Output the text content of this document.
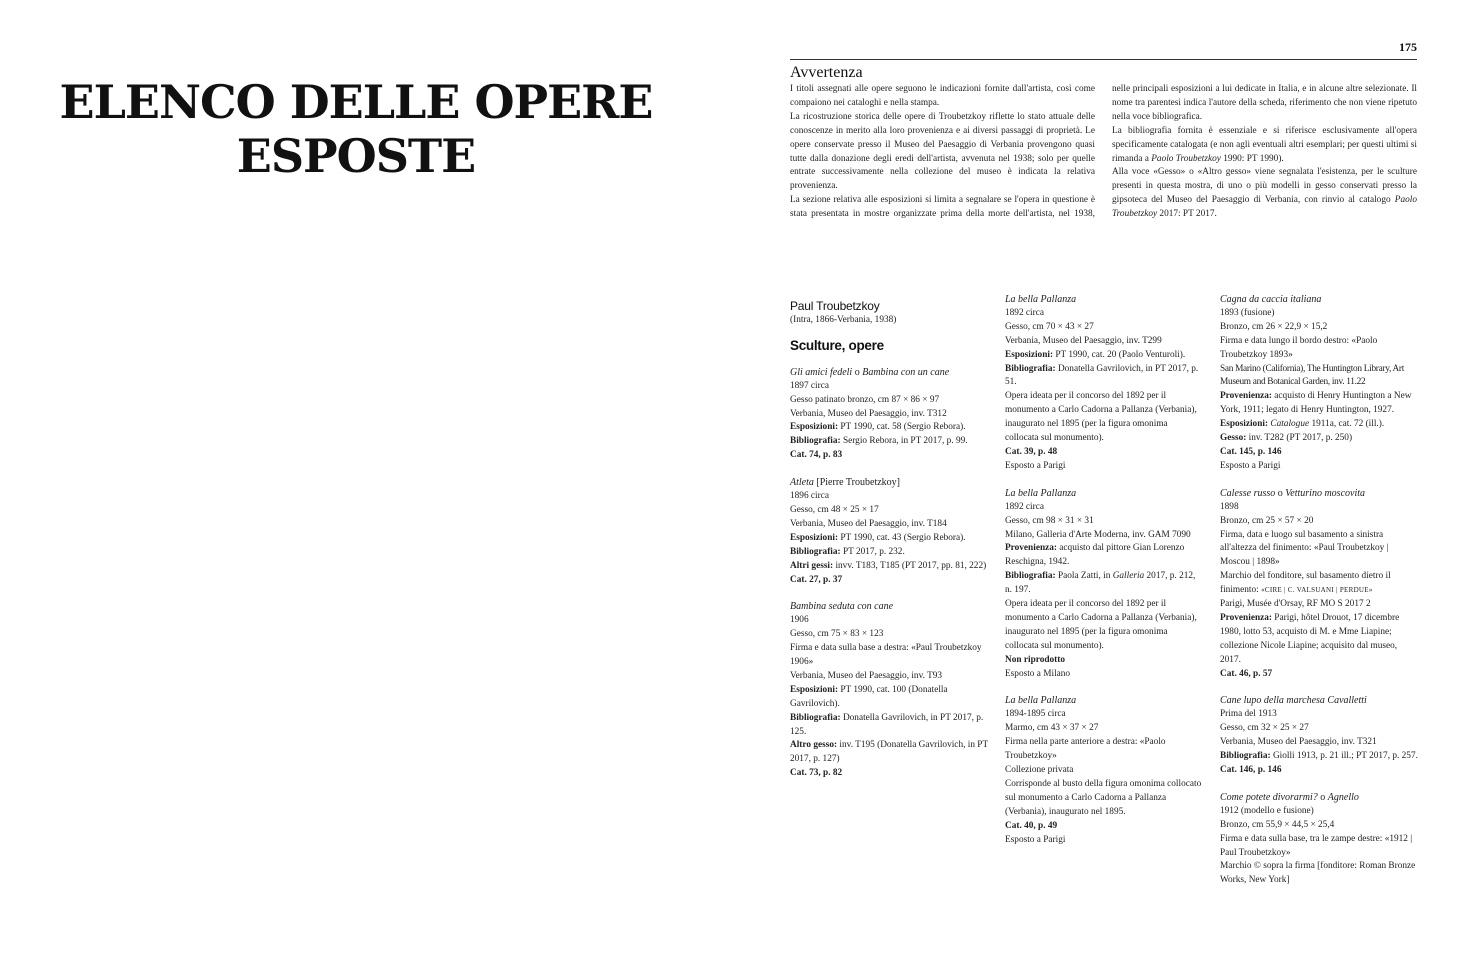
ELENCO DELLE OPERE
ESPOSTE
175
Avvertenza

I titoli assegnati alle opere seguono le indicazioni fornite dall'artista, così come compaiono nei cataloghi e nella stampa.

La ricostruzione storica delle opere di Troubetzkoy riflette lo stato attuale delle conoscenze in merito alla loro provenienza e ai diversi passaggi di proprietà. Le opere conservate presso il Museo del Paesaggio di Verbania provengono quasi tutte dalla donazione degli eredi dell'artista, avvenuta nel 1938; solo per quelle entrate successivamente nella collezione del museo è indicata la relativa provenienza.

La sezione relativa alle esposizioni si limita a segnalare se l'opera in questione è stata presentata in mostre organizzate prima della morte dell'artista, nel 1938, nelle principali esposizioni a lui dedicate in Italia, e in alcune altre selezionate. Il nome tra parentesi indica l'autore della scheda, riferimento che non viene ripetuto nella voce bibliografica.

La bibliografia fornita è essenziale e si riferisce esclusivamente all'opera specificamente catalogata (e non agli eventuali altri esemplari; per questi ultimi si rimanda a Paolo Troubetzkoy 1990: PT 1990).

Alla voce «Gesso» o «Altro gesso» viene segnalata l'esistenza, per le sculture presenti in questa mostra, di uno o più modelli in gesso conservati presso la gipsoteca del Museo del Paesaggio di Verbania, con rinvio al catalogo Paolo Troubetzkoy 2017: PT 2017.

Paul Troubetzkoy
(Intra, 1866-Verbania, 1938)
Sculture, opere
Gli amici fedeli o Bambina con un cane
1897 circa
Gesso patinato bronzo, cm 87 × 86 × 97
Verbania, Museo del Paesaggio, inv. T312
Esposizioni: PT 1990, cat. 58 (Sergio Rebora).
Bibliografia: Sergio Rebora, in PT 2017, p. 99.
Cat. 74, p. 83
Atleta [Pierre Troubetzkoy]
1896 circa
Gesso, cm 48 × 25 × 17
Verbania, Museo del Paesaggio, inv. T184
Esposizioni: PT 1990, cat. 43 (Sergio Rebora).
Bibliografia: PT 2017, p. 232.
Altri gessi: invv. T183, T185 (PT 2017, pp. 81, 222)
Cat. 27, p. 37
Bambina seduta con cane
1906
Gesso, cm 75 × 83 × 123
Firma e data sulla base a destra: «Paul Troubetzkoy 1906»
Verbania, Museo del Paesaggio, inv. T93
Esposizioni: PT 1990, cat. 100 (Donatella Gavrilovich).
Bibliografia: Donatella Gavrilovich, in PT 2017, p. 125.
Altro gesso: inv. T195 (Donatella Gavrilovich, in PT 2017, p. 127)
Cat. 73, p. 82
La bella Pallanza
1892 circa
Gesso, cm 70 × 43 × 27
Verbania, Museo del Paesaggio, inv. T299
Esposizioni: PT 1990, cat. 20 (Paolo Venturoli).
Bibliografia: Donatella Gavrilovich, in PT 2017, p. 51.
Opera ideata per il concorso del 1892 per il monumento a Carlo Cadorna a Pallanza (Verbania), inaugurato nel 1895 (per la figura omonima collocata sul monumento).
Cat. 39, p. 48
Esposto a Parigi
La bella Pallanza
1892 circa
Gesso, cm 98 × 31 × 31
Milano, Galleria d'Arte Moderna, inv. GAM 7090
Provenienza: acquisto dal pittore Gian Lorenzo Reschigna, 1942.
Bibliografia: Paola Zatti, in Galleria 2017, p. 212, n. 197.
Opera ideata per il concorso del 1892 per il monumento a Carlo Cadorna a Pallanza (Verbania), inaugurato nel 1895 (per la figura omonima collocata sul monumento).
Non riprodotto
Esposto a Milano
La bella Pallanza
1894-1895 circa
Marmo, cm 43 × 37 × 27
Firma nella parte anteriore a destra: «Paolo Troubetzkoy»
Collezione privata
Corrisponde al busto della figura omonima collocato sul monumento a Carlo Cadorna a Pallanza (Verbania), inaugurato nel 1895.
Cat. 40, p. 49
Esposto a Parigi
Cagna da caccia italiana
1893 (fusione)
Bronzo, cm 26 × 22,9 × 15,2
Firma e data lungo il bordo destro: «Paolo Troubetzkoy 1893»
San Marino (California), The Huntington Library, Art Museum and Botanical Garden, inv. 11.22
Provenienza: acquisto di Henry Huntington a New York, 1911; legato di Henry Huntington, 1927.
Esposizioni: Catalogue 1911a, cat. 72 (ill.).
Gesso: inv. T282 (PT 2017, p. 250)
Cat. 145, p. 146
Esposto a Parigi
Calesse russo o Vetturino moscovita
1898
Bronzo, cm 25 × 57 × 20
Firma, data e luogo sul basamento a sinistra all'altezza del finimento: «Paul Troubetzkoy | Moscou | 1898»
Marchio del fonditore, sul basamento dietro il finimento: «CIRE | C. VALSUANI | PERDUE»
Parigi, Musée d'Orsay, RF MO S 2017 2
Provenienza: Parigi, hôtel Drouot, 17 dicembre 1980, lotto 53, acquisto di M. e Mme Liapine; collezione Nicole Liapine; acquisito dal museo, 2017.
Cat. 46, p. 57
Cane lupo della marchesa Cavalletti
Prima del 1913
Gesso, cm 32 × 25 × 27
Verbania, Museo del Paesaggio, inv. T321
Bibliografia: Giolli 1913, p. 21 ill.; PT 2017, p. 257.
Cat. 146, p. 146
Come potete divorarmi? o Agnello
1912 (modello e fusione)
Bronzo, cm 55,9 × 44,5 × 25,4
Firma e data sulla base, tra le zampe destre: «1912 | Paul Troubetzkoy»
Marchio © sopra la firma [fonditore: Roman Bronze Works, New York]
